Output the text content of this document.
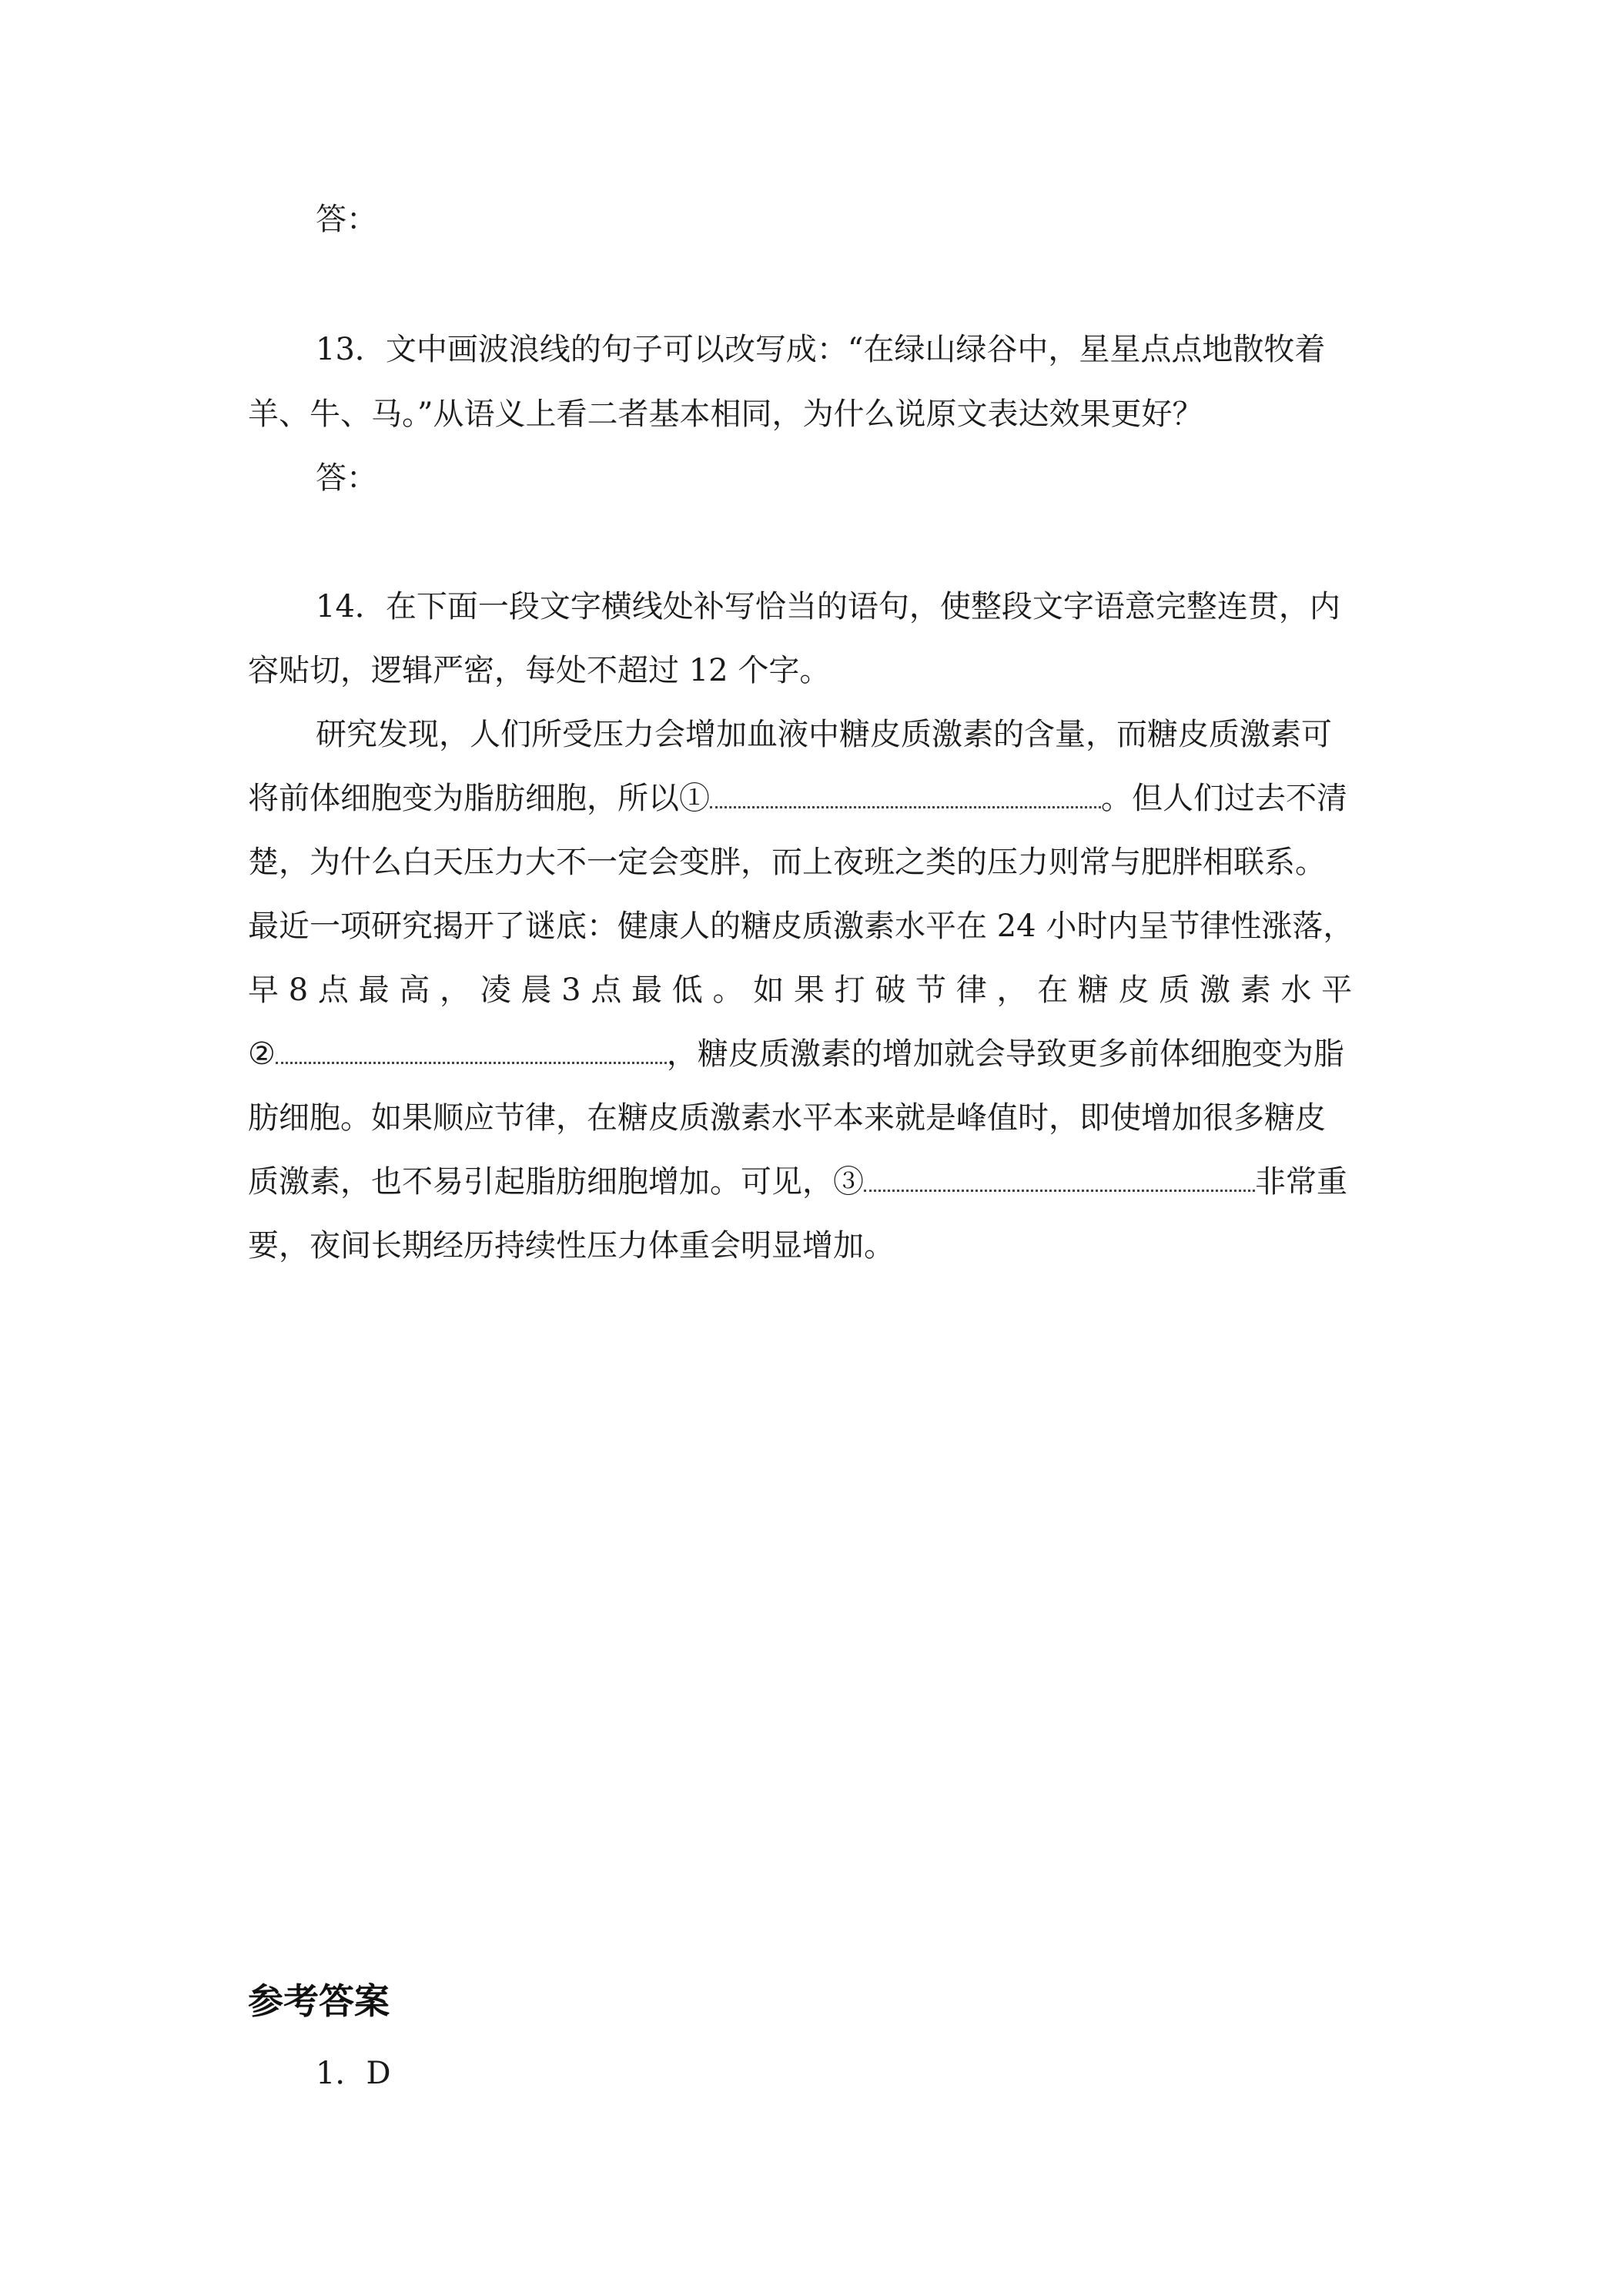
答：
13．文中画波浪线的句子可以改写成：“在绿山绿谷中，星星点点地散牧着
羊、牛、马。”从语义上看二者基本相同，为什么说原文表达效果更好？
答：
14．在下面一段文字横线处补写恰当的语句，使整段文字语意完整连贯，内
容贴切，逻辑严密，每处不超过 12 个字。
研究发现，人们所受压力会增加血液中糖皮质激素的含量，而糖皮质激素可
将前体细胞变为脂肪细胞，所以①	。但人们过去不清
楚，为什么白天压力大不一定会变胖，而上夜班之类的压力则常与肥胖相联系。
最近一项研究揭开了谜底：健康人的糖皮质激素水平在 24 小时内呈节律性涨落，
早 8 点 最 高 ， 凌 晨 3 点 最 低 。 如 果 打 破 节 律 ， 在 糖 皮 质 激 素 水 平
②	，糖皮质激素的增加就会导致更多前体细胞变为脂
肪细胞。如果顺应节律，在糖皮质激素水平本来就是峰值时，即使增加很多糖皮
质激素，也不易引起脂肪细胞增加。可见，③	非常重
要，夜间长期经历持续性压力体重会明显增加。
参考答案
1．D
